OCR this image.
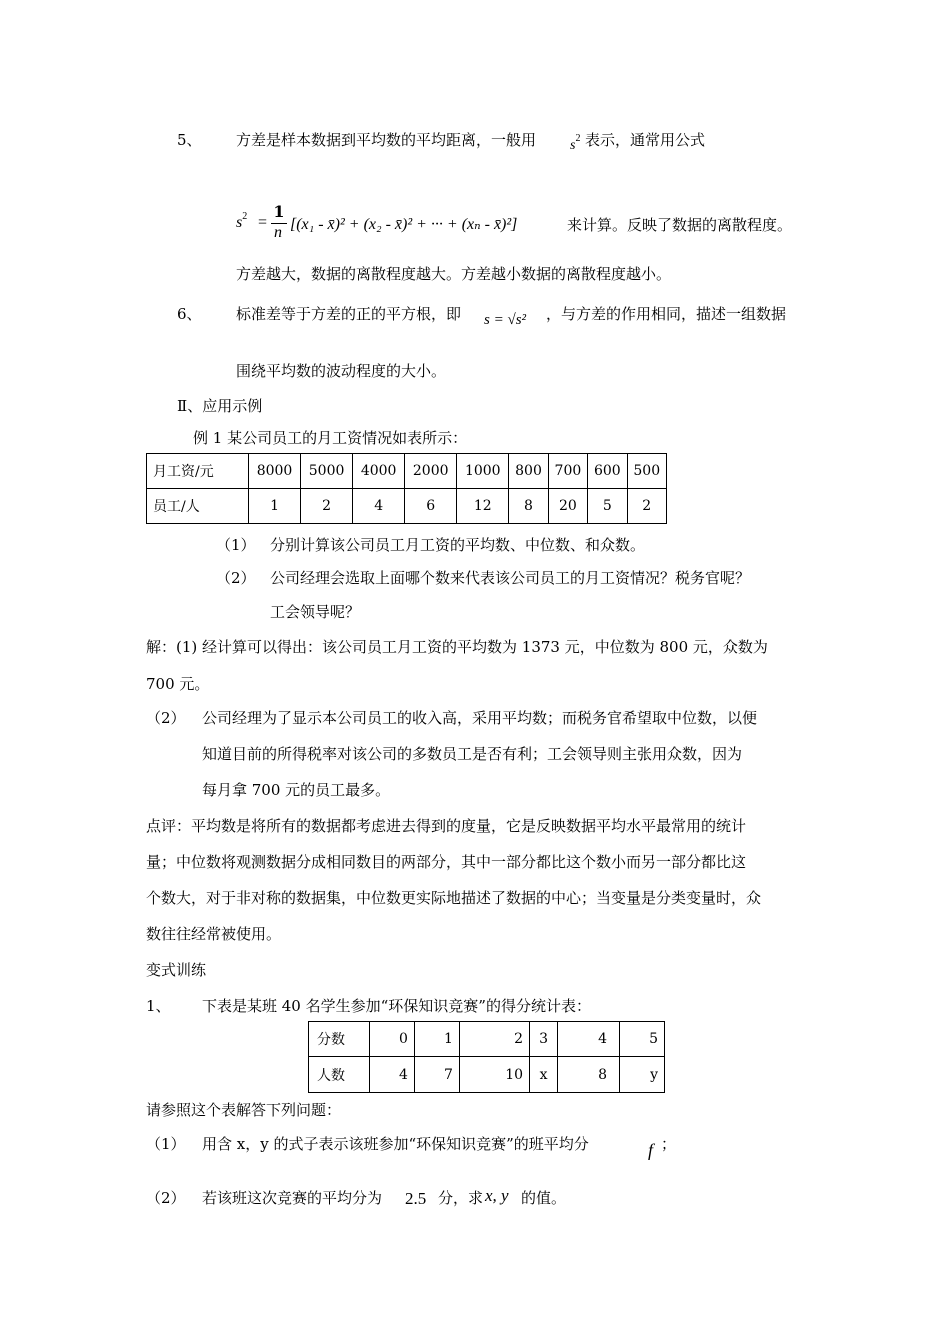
5、 方差是样本数据到平均数的平均距离，一般用 $s^2$ 表示，通常用公式
$s^2$ =
1
n [(x₁ - x̄)² + (x₂ - x̄)² + ··· + (xₙ - x̄)²]	来计算。反映了数据的离散程度。
方差越大，数据的离散程度越大。方差越小数据的离散程度越小。
6、 标准差等于方差的正的平方根，即 s = √s² ，与方差的作用相同，描述一组数据
围绕平均数的波动程度的大小。
Ⅱ、应用示例
例 1 某公司员工的月工资情况如表所示：
月工资/元	8000	5000	4000	2000	1000	800	700	600	500
员工/人	1	2	4	6	12	8	20	5	2
（1） 分别计算该公司员工月工资的平均数、中位数、和众数。
（2） 公司经理会选取上面哪个数来代表该公司员工的月工资情况？税务官呢？
工会领导呢？
解：(1) 经计算可以得出：该公司员工月工资的平均数为 1373 元，中位数为 800 元，众数为
700 元。
（2） 公司经理为了显示本公司员工的收入高，采用平均数；而税务官希望取中位数，以便
知道目前的所得税率对该公司的多数员工是否有利；工会领导则主张用众数，因为
每月拿 700 元的员工最多。
点评：平均数是将所有的数据都考虑进去得到的度量，它是反映数据平均水平最常用的统计
量；中位数将观测数据分成相同数目的两部分，其中一部分都比这个数小而另一部分都比这
个数大，对于非对称的数据集，中位数更实际地描述了数据的中心；当变量是分类变量时，众
数往往经常被使用。
变式训练
1、 下表是某班 40 名学生参加“环保知识竞赛”的得分统计表：
分数	0	1	2	3	4	5
人数	4	7	10	x	8	y
请参照这个表解答下列问题：
（1） 用含 x，y 的式子表示该班参加“环保知识竞赛”的班平均分	f ；
（2） 若该班这次竞赛的平均分为 2.5 分，求 x, y 的值。
